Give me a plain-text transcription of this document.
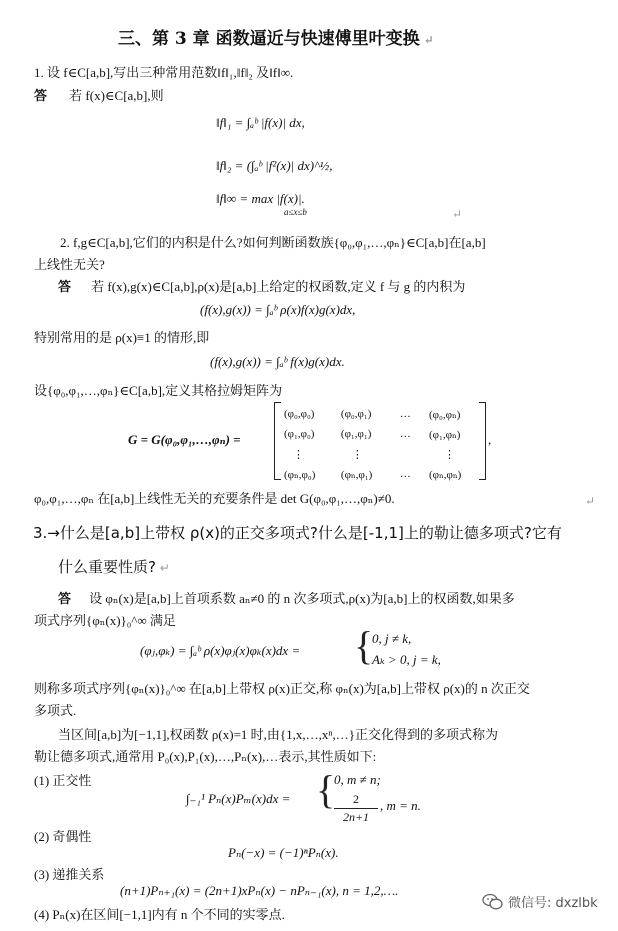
三、第 3 章 函数逼近与快速傅里叶变换 ↵
1. 设 f∈C[a,b],写出三种常用范数‖f‖₁,‖f‖₂ 及‖f‖∞.
答 若 f(x)∈C[a,b],则
‖f‖₁ = ∫ₐᵇ |f(x)| dx,
‖f‖₂ = (∫ₐᵇ |f²(x)| dx)^½,
‖f‖∞ = max |f(x)|.
a≤x≤b	↵
2. f,g∈C[a,b],它们的内积是什么?如何判断函数族{φ₀,φ₁,…,φₙ}∈C[a,b]在[a,b]
上线性无关?
答 若 f(x),g(x)∈C[a,b],ρ(x)是[a,b]上给定的权函数,定义 f 与 g 的内积为
(f(x),g(x)) = ∫ₐᵇ ρ(x)f(x)g(x)dx,
特别常用的是 ρ(x)≡1 的情形,即
(f(x),g(x)) = ∫ₐᵇ f(x)g(x)dx.
设{φ₀,φ₁,…,φₙ}∈C[a,b],定义其格拉姆矩阵为
G = G(φ₀,φ₁,…,φₙ) =
(φ₀,φ₀)	(φ₀,φ₁)	…	(φ₀,φₙ)
(φ₁,φ₀)	(φ₁,φ₁)	…	(φ₁,φₙ)
⋮	⋮		⋮
(φₙ,φ₀)	(φₙ,φ₁)	…	(φₙ,φₙ)
,
φ₀,φ₁,…,φₙ 在[a,b]上线性无关的充要条件是 det G(φ₀,φ₁,…,φₙ)≠0.	↵
3.→什么是[a,b]上带权 ρ(x)的正交多项式?什么是[-1,1]上的勒让德多项式?它有
什么重要性质? ↵
答 设 φₙ(x)是[a,b]上首项系数 aₙ≠0 的 n 次多项式,ρ(x)为[a,b]上的权函数,如果多
项式序列{φₙ(x)}₀^∞ 满足
(φⱼ,φₖ) = ∫ₐᵇ ρ(x)φⱼ(x)φₖ(x)dx = {
0, j ≠ k,
Aₖ > 0, j = k,
则称多项式序列{φₙ(x)}₀^∞ 在[a,b]上带权 ρ(x)正交,称 φₙ(x)为[a,b]上带权 ρ(x)的 n 次正交
多项式.
当区间[a,b]为[−1,1],权函数 ρ(x)=1 时,由{1,x,…,xⁿ,…}正交化得到的多项式称为
勒让德多项式,通常用 P₀(x),P₁(x),…,Pₙ(x),…表示,其性质如下:
(1) 正交性
∫₋₁¹ Pₙ(x)Pₘ(x)dx = {
0, m ≠ n;
2
2n+1
, m = n.
(2) 奇偶性
Pₙ(−x) = (−1)ⁿPₙ(x).
(3) 递推关系
(n+1)Pₙ₊₁(x) = (2n+1)xPₙ(x) − nPₙ₋₁(x), n = 1,2,….
(4) Pₙ(x)在区间[−1,1]内有 n 个不同的实零点.
微信号: dxzlbk
